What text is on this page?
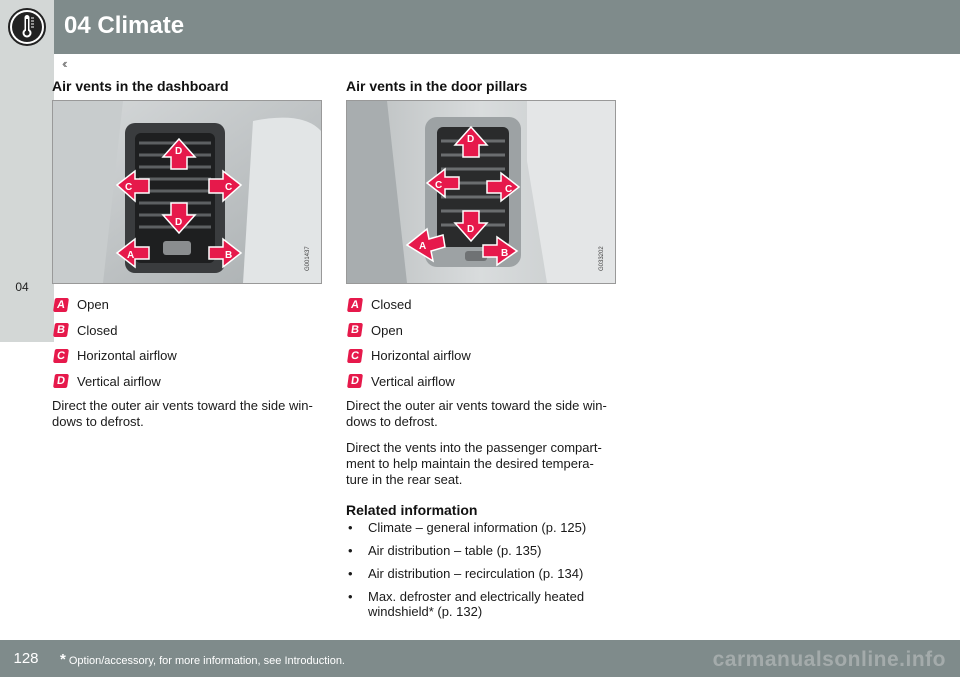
04 Climate
04
‹‹
Air vents in the dashboard
D
D
C	C
A	B	G001437
A Open
B Closed
C Horizontal airflow
D Vertical airflow

Direct the outer air vents toward the side win-
dows to defrost.

Air vents in the door pillars
D
D
C	C
A
B	G033202
A Closed
B Open
C Horizontal airflow
D Vertical airflow

Direct the outer air vents toward the side win-
dows to defrost.

Direct the vents into the passenger compart-
ment to help maintain the desired tempera-
ture in the rear seat.

Related information
• Climate – general information (p. 125)
• Air distribution – table (p. 135)
• Air distribution – recirculation (p. 134)
• Max. defroster and electrically heated
windshield* (p. 132)
128	* Option/accessory, for more information, see Introduction.	carmanualsonline.info
